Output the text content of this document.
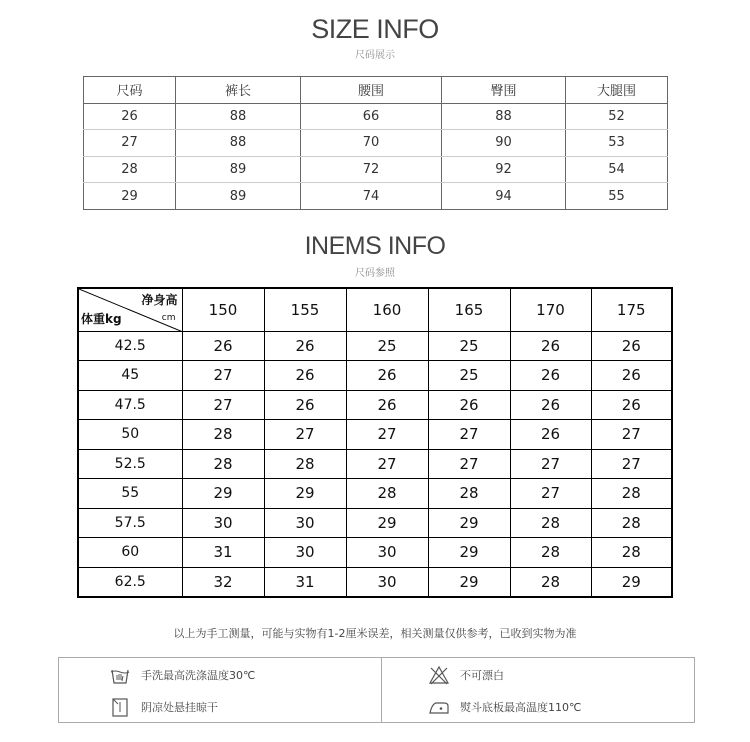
SIZE INFO

尺码展示

尺码	裤长	腰围	臀围	大腿围
26	88	66	88	52
27	88	70	90	53
28	89	72	92	54
29	89	74	94	55
INEMS INFO

尺码参照

净身高
cm
体重kg	150	155	160	165	170	175
42.5	26	26	25	25	26	26
45	27	26	26	25	26	26
47.5	27	26	26	26	26	26
50	28	27	27	27	26	27
52.5	28	28	27	27	27	27
55	29	29	28	28	27	28
57.5	30	30	29	29	28	28
60	31	30	30	29	28	28
62.5	32	31	30	29	28	29

以上为手工测量，可能与实物有1-2厘米误差，相关测量仅供参考，已收到实物为准

手洗最高洗涤温度30℃
阴凉处悬挂晾干
不可漂白
熨斗底板最高温度110℃
